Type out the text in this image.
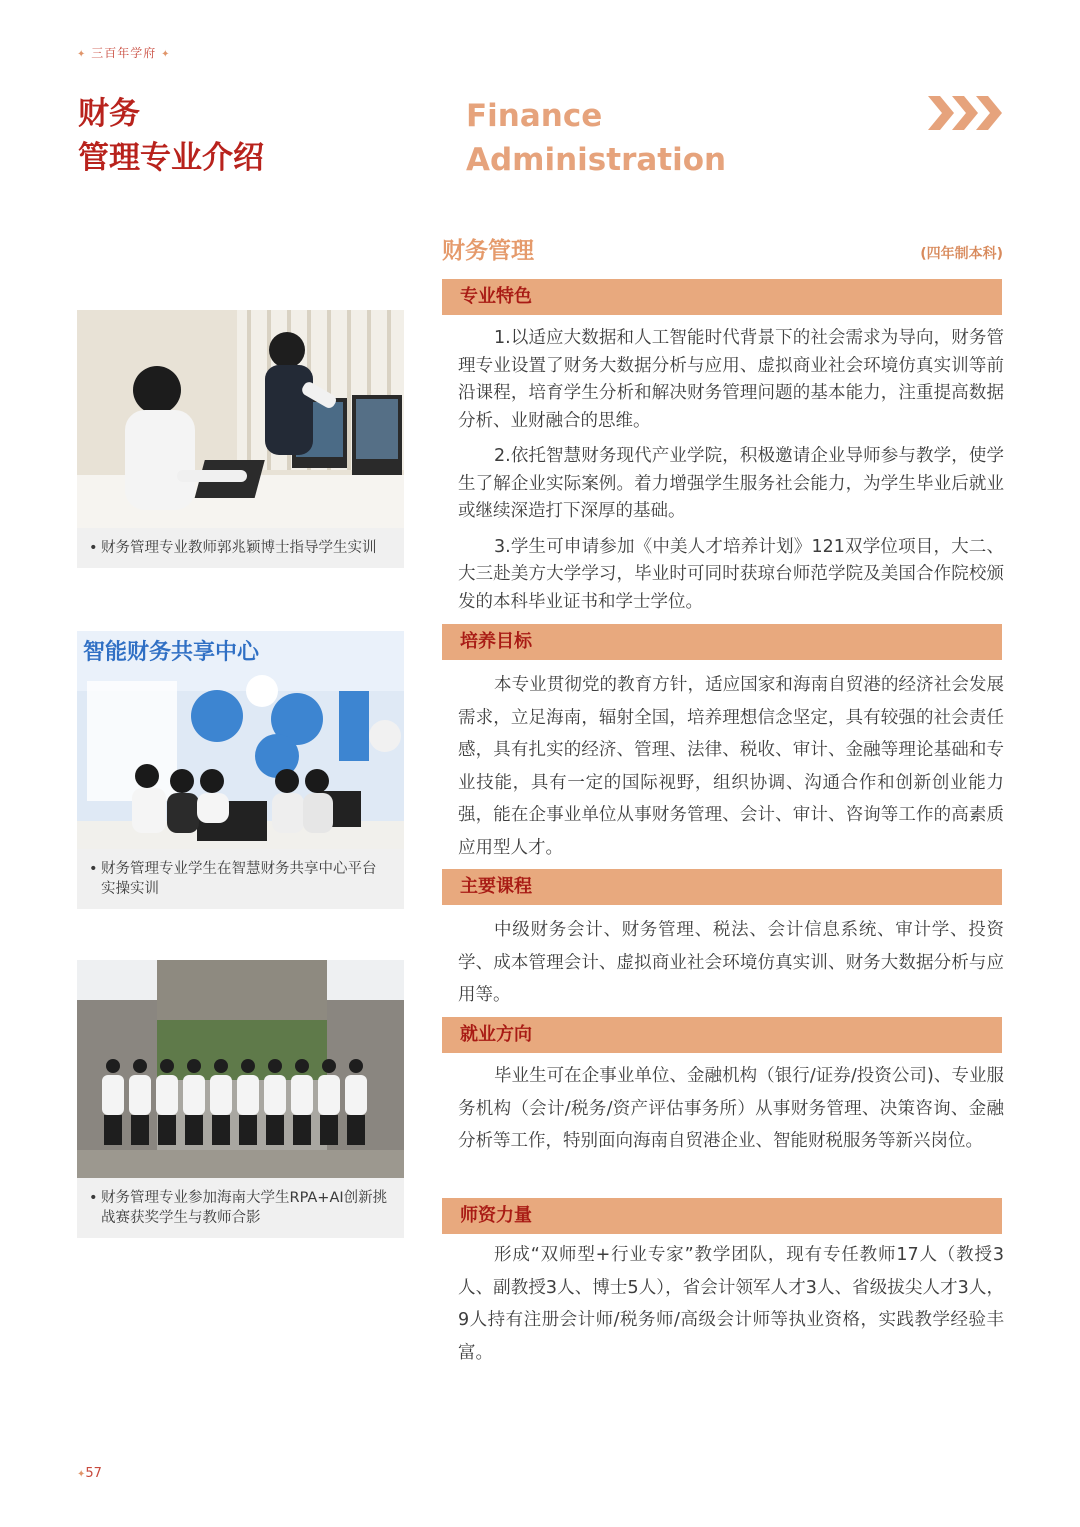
✦ 三百年学府 ✦
财务
管理专业介绍
Finance
Administration
财务管理	(四年制本科)
专业特色

1.以适应大数据和人工智能时代背景下的社会需求为导向，财务管理专业设置了财务大数据分析与应用、虚拟商业社会环境仿真实训等前沿课程，培育学生分析和解决财务管理问题的基本能力，注重提高数据分析、业财融合的思维。

2.依托智慧财务现代产业学院，积极邀请企业导师参与教学，使学生了解企业实际案例。着力增强学生服务社会能力，为学生毕业后就业或继续深造打下深厚的基础。

3.学生可申请参加《中美人才培养计划》121双学位项目，大二、大三赴美方大学学习，毕业时可同时获琼台师范学院及美国合作院校颁发的本科毕业证书和学士学位。

培养目标

本专业贯彻党的教育方针，适应国家和海南自贸港的经济社会发展需求，立足海南，辐射全国，培养理想信念坚定，具有较强的社会责任感，具有扎实的经济、管理、法律、税收、审计、金融等理论基础和专业技能，具有一定的国际视野，组织协调、沟通合作和创新创业能力强，能在企事业单位从事财务管理、会计、审计、咨询等工作的高素质应用型人才。

主要课程

中级财务会计、财务管理、税法、会计信息系统、审计学、投资学、成本管理会计、虚拟商业社会环境仿真实训、财务大数据分析与应用等。

就业方向

毕业生可在企事业单位、金融机构（银行/证券/投资公司)、专业服务机构（会计/税务/资产评估事务所）从事财务管理、决策咨询、金融分析等工作，特别面向海南自贸港企业、智能财税服务等新兴岗位。

师资力量

形成“双师型+行业专家”教学团队，现有专任教师17人（教授3人、副教授3人、博士5人），省会计领军人才3人、省级拔尖人才3人，9人持有注册会计师/税务师/高级会计师等执业资格，实践教学经验丰富。

• 财务管理专业教师郭兆颖博士指导学生实训
智能财务共享中心
• 财务管理专业学生在智慧财务共享中心平台实操实训
• 财务管理专业参加海南大学生RPA+AI创新挑战赛获奖学生与教师合影
✦57
